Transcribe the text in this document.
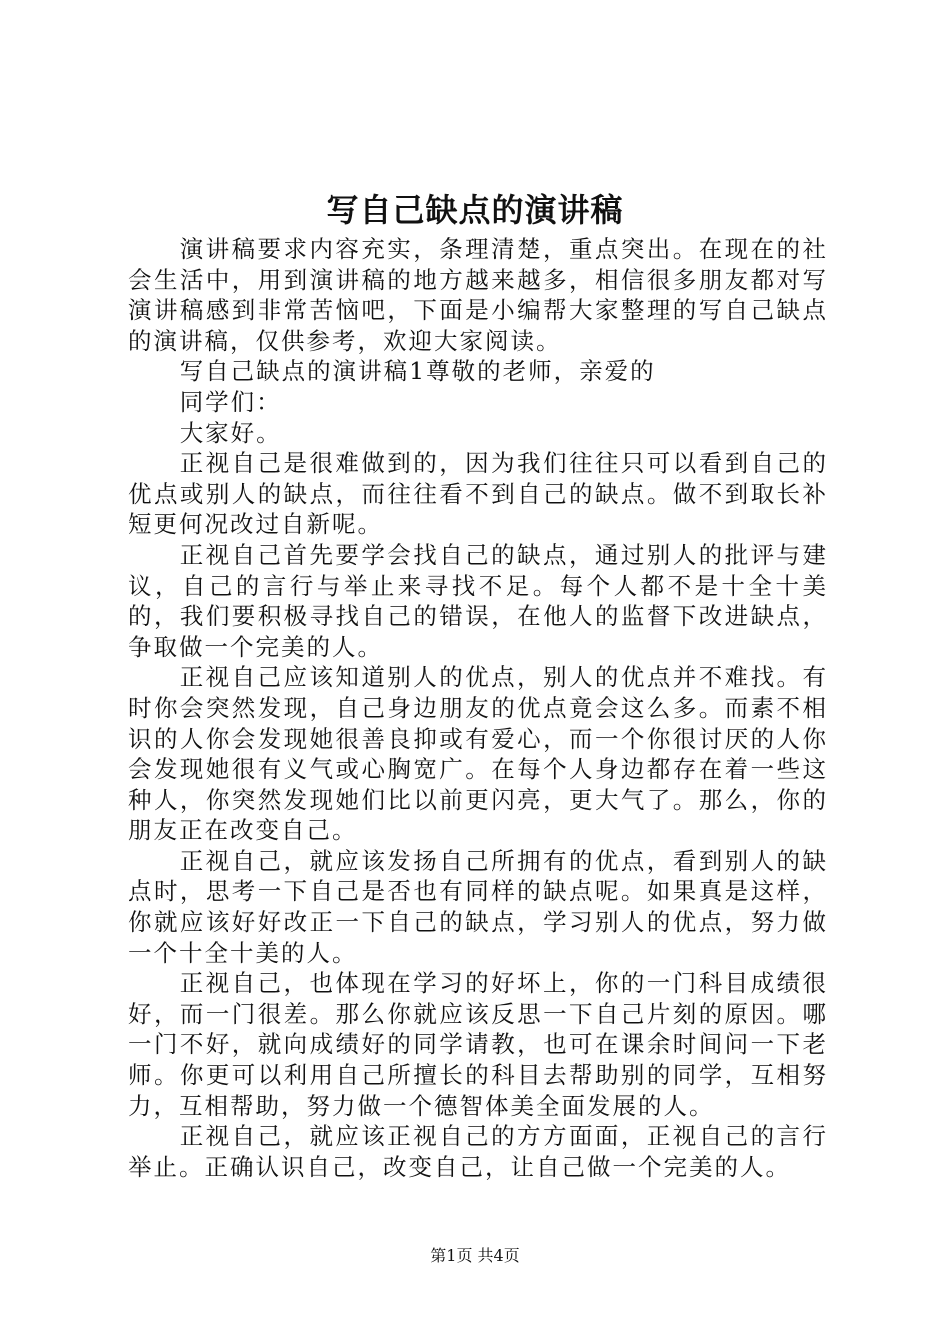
写自己缺点的演讲稿

演讲稿要求内容充实，条理清楚，重点突出。在现在的社会生活中，用到演讲稿的地方越来越多，相信很多朋友都对写演讲稿感到非常苦恼吧，下面是小编帮大家整理的写自己缺点的演讲稿，仅供参考，欢迎大家阅读。

写自己缺点的演讲稿1尊敬的老师，亲爱的

同学们：

大家好。

正视自己是很难做到的，因为我们往往只可以看到自己的优点或别人的缺点，而往往看不到自己的缺点。做不到取长补短更何况改过自新呢。

正视自己首先要学会找自己的缺点，通过别人的批评与建议，自己的言行与举止来寻找不足。每个人都不是十全十美的，我们要积极寻找自己的错误，在他人的监督下改进缺点，争取做一个完美的人。

正视自己应该知道别人的优点，别人的优点并不难找。有时你会突然发现，自己身边朋友的优点竟会这么多。而素不相识的人你会发现她很善良抑或有爱心，而一个你很讨厌的人你会发现她很有义气或心胸宽广。在每个人身边都存在着一些这种人，你突然发现她们比以前更闪亮，更大气了。那么，你的朋友正在改变自己。

正视自己，就应该发扬自己所拥有的优点，看到别人的缺点时，思考一下自己是否也有同样的缺点呢。如果真是这样，你就应该好好改正一下自己的缺点，学习别人的优点，努力做一个十全十美的人。

正视自己，也体现在学习的好坏上，你的一门科目成绩很好，而一门很差。那么你就应该反思一下自己片刻的原因。哪一门不好，就向成绩好的同学请教，也可在课余时间问一下老师。你更可以利用自己所擅长的科目去帮助别的同学，互相努力，互相帮助，努力做一个德智体美全面发展的人。

正视自己，就应该正视自己的方方面面，正视自己的言行举止。正确认识自己，改变自己，让自己做一个完美的人。

第1页 共4页
